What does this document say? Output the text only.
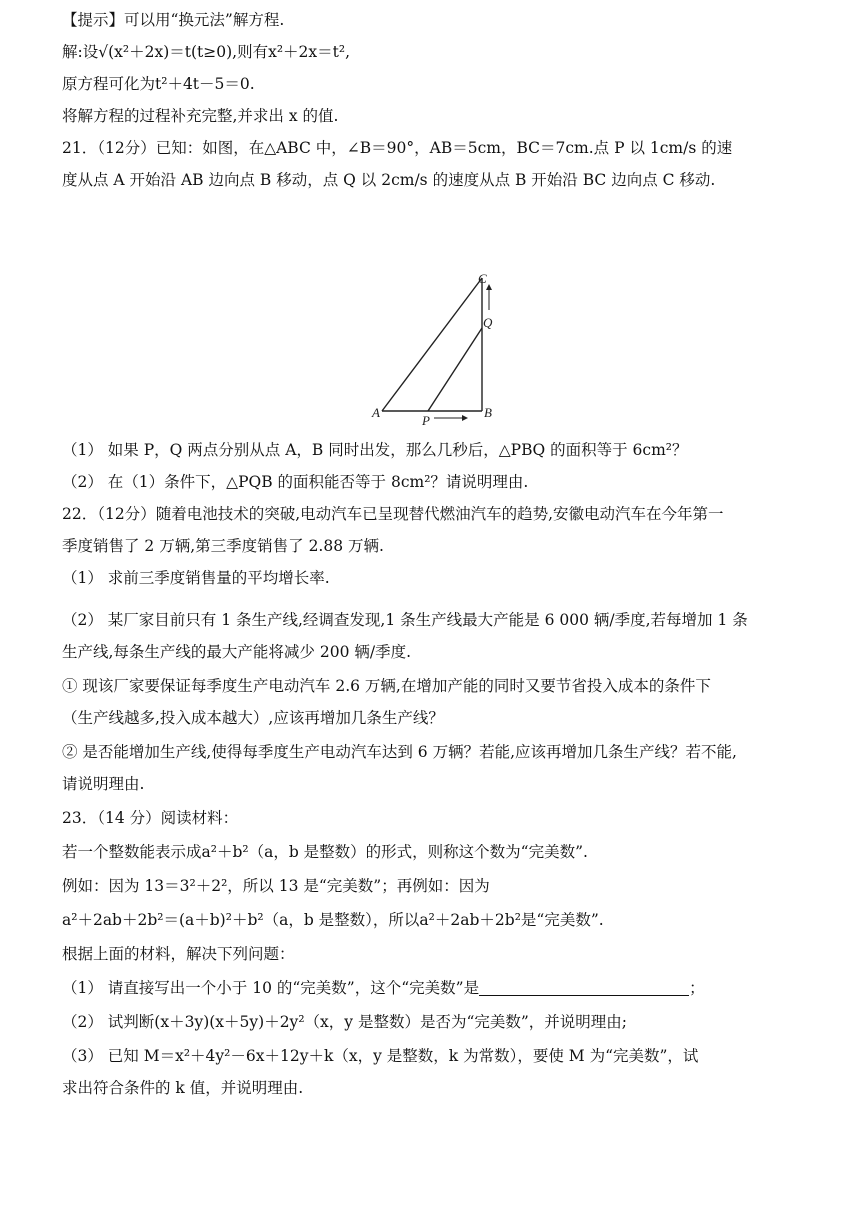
【提示】可以用“换元法”解方程.
解:设√(x²＋2x)＝t(t≥0),则有x²＋2x＝t²,
原方程可化为t²＋4t－5＝0.
将解方程的过程补充完整,并求出 x 的值.
21．（12分）已知：如图，在△ABC 中，∠B＝90°，AB＝5cm，BC＝7cm.点 P 以 1cm/s 的速
度从点 A 开始沿 AB 边向点 B 移动，点 Q 以 2cm/s 的速度从点 B 开始沿 BC 边向点 C 移动.
A	B
C
P
Q
（1） 如果 P，Q 两点分别从点 A，B 同时出发，那么几秒后，△PBQ 的面积等于 6cm²？
（2） 在（1）条件下，△PQB 的面积能否等于 8cm²？请说明理由.
22．（12分）随着电池技术的突破,电动汽车已呈现替代燃油汽车的趋势,安徽电动汽车在今年第一
季度销售了 2 万辆,第三季度销售了 2.88 万辆.
（1） 求前三季度销售量的平均增长率.
（2） 某厂家目前只有 1 条生产线,经调查发现,1 条生产线最大产能是 6 000 辆/季度,若每增加 1 条
生产线,每条生产线的最大产能将减少 200 辆/季度.
① 现该厂家要保证每季度生产电动汽车 2.6 万辆,在增加产能的同时又要节省投入成本的条件下
（生产线越多,投入成本越大）,应该再增加几条生产线？
② 是否能增加生产线,使得每季度生产电动汽车达到 6 万辆？若能,应该再增加几条生产线？若不能,
请说明理由.
23．（14 分）阅读材料：
若一个整数能表示成a²＋b²（a，b 是整数）的形式，则称这个数为“完美数”.
例如：因为 13＝3²＋2²，所以 13 是“完美数”；再例如：因为
a²＋2ab＋2b²＝(a＋b)²＋b²（a，b 是整数），所以a²＋2ab＋2b²是“完美数”.
根据上面的材料，解决下列问题：
（1） 请直接写出一个小于 10 的“完美数”，这个“完美数”是	；
（2） 试判断(x＋3y)(x＋5y)＋2y²（x，y 是整数）是否为“完美数”，并说明理由;
（3） 已知 M＝x²＋4y²－6x＋12y＋k（x，y 是整数，k 为常数），要使 M 为“完美数”，试
求出符合条件的 k 值，并说明理由.
